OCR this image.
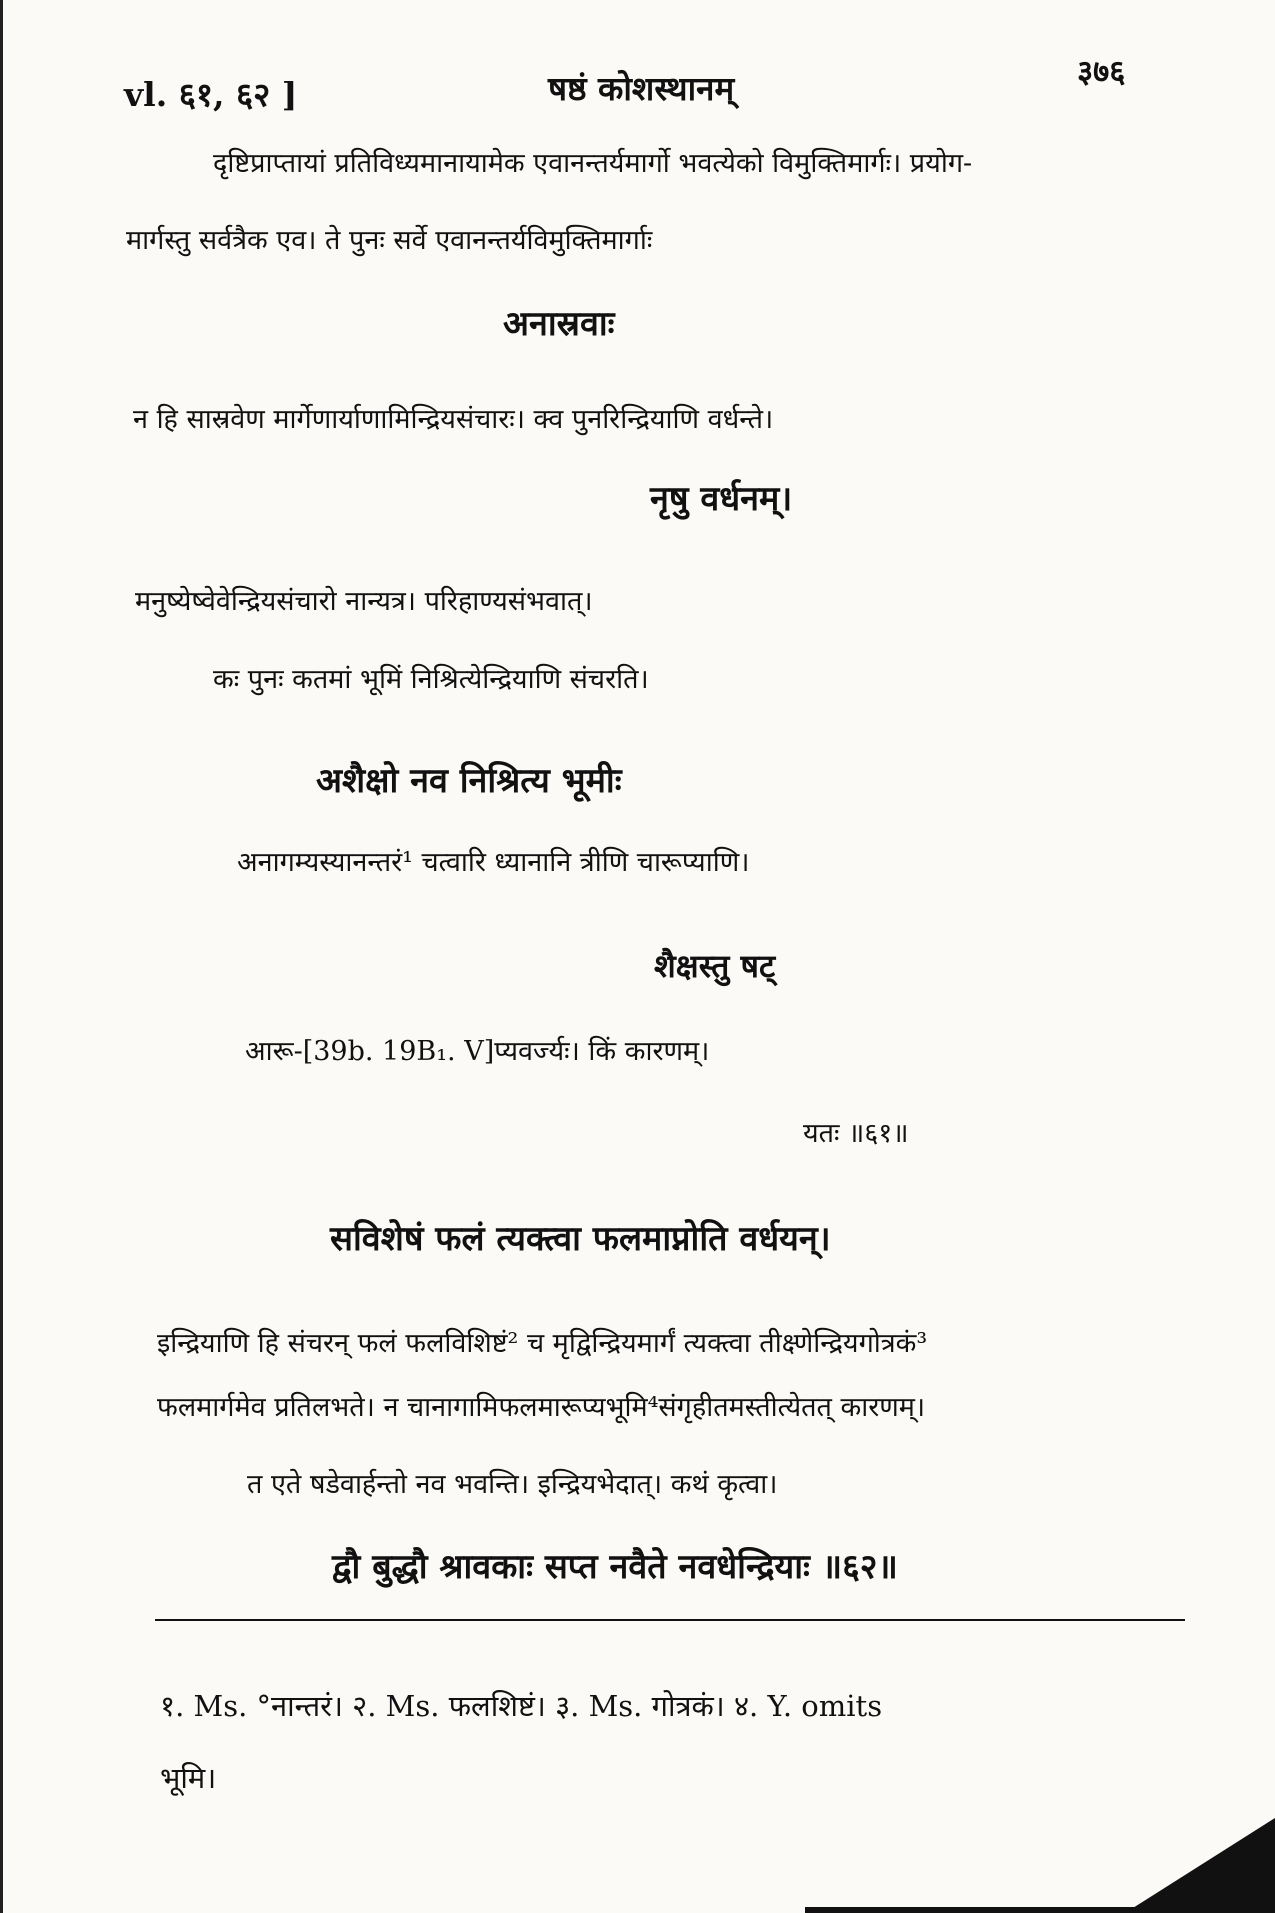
vl. ६१, ६२ ]	षष्ठं कोशस्थानम्	३७६
दृष्टिप्राप्तायां प्रतिविध्यमानायामेक एवानन्तर्यमार्गो भवत्येको विमुक्तिमार्गः। प्रयोग-
मार्गस्तु सर्वत्रैक एव। ते पुनः सर्वे एवानन्तर्यविमुक्तिमार्गाः
अनास्रवाः
न हि सास्रवेण मार्गेणार्याणामिन्द्रियसंचारः। क्व पुनरिन्द्रियाणि वर्धन्ते।
नृषु वर्धनम्।
मनुष्येष्वेवेन्द्रियसंचारो नान्यत्र। परिहाण्यसंभवात्।
कः पुनः कतमां भूमिं निश्रित्येन्द्रियाणि संचरति।
अशैक्षो नव निश्रित्य भूमीः
अनागम्यस्यानन्तरं¹ चत्वारि ध्यानानि त्रीणि चारूप्याणि।
शैक्षस्तु षट्
आरू-[39b. 19B₁. V]प्यवर्ज्यः। किं कारणम्।
यतः ॥६१॥
सविशेषं फलं त्यक्त्वा फलमाप्नोति वर्धयन्।
इन्द्रियाणि हि संचरन् फलं फलविशिष्टं² च मृद्विन्द्रियमार्गं त्यक्त्वा तीक्ष्णेन्द्रियगोत्रकं³
फलमार्गमेव प्रतिलभते। न चानागामिफलमारूप्यभूमि⁴संगृहीतमस्तीत्येतत् कारणम्।
त एते षडेवार्हन्तो नव भवन्ति। इन्द्रियभेदात्। कथं कृत्वा।
द्वौ बुद्धौ श्रावकाः सप्त नवैते नवधेन्द्रियाः ॥६२॥
१. Ms. °नान्तरं। २. Ms. फलशिष्टं। ३. Ms. गोत्रकं। ४. Y. omits
भूमि।
